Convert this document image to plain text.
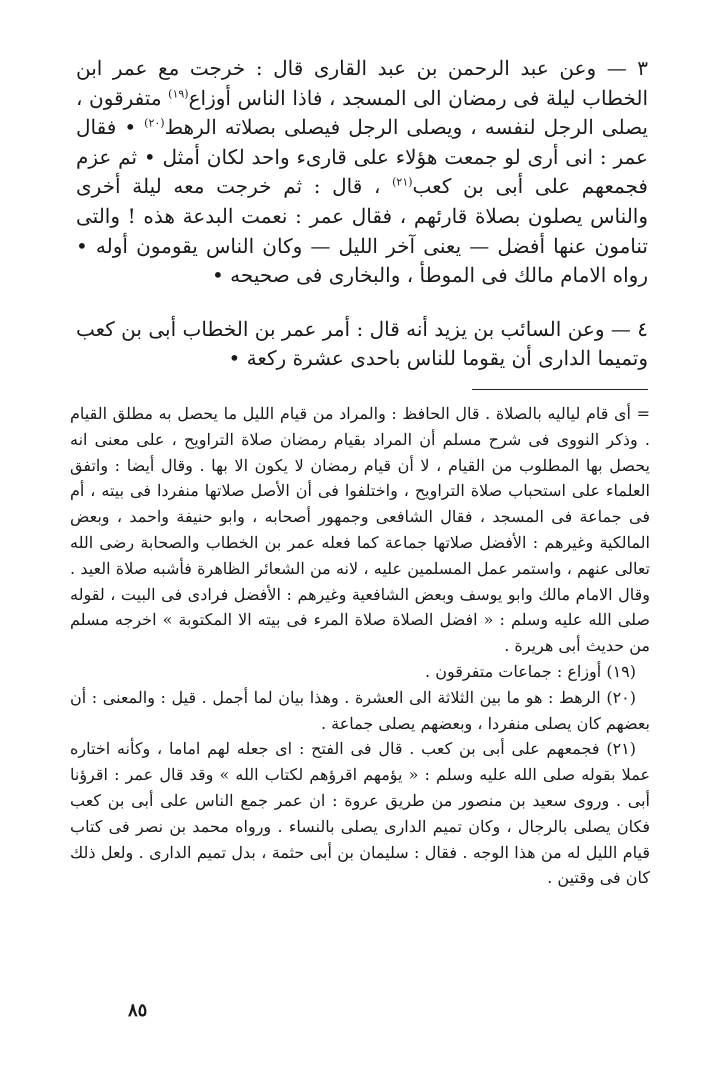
٣ — وعن عبد الرحمن بن عبد القارى قال : خرجت مع عمر ابن الخطاب ليلة فى رمضان الى المسجد ، فاذا الناس أوزاع$^{(١٩)}$ متفرقون ، يصلى الرجل لنفسه ، ويصلى الرجل فيصلى بصلاته الرهط$^{(٢٠)}$ • فقال عمر : انى أرى لو جمعت هؤلاء على قارىء واحد لكان أمثل • ثم عزم فجمعهم على أبى بن كعب$^{(٢١)}$ ، قال : ثم خرجت معه ليلة أخرى والناس يصلون بصلاة قارئهم ، فقال عمر : نعمت البدعة هذه ! والتى تنامون عنها أفضل — يعنى آخر الليل — وكان الناس يقومون أوله • رواه الامام مالك فى الموطأ ، والبخارى فى صحيحه •

٤ — وعن السائب بن يزيد أنه قال : أمر عمر بن الخطاب أبى بن كعب وتميما الدارى أن يقوما للناس باحدى عشرة ركعة •

= أى قام لياليه بالصلاة . قال الحافظ : والمراد من قيام الليل ما يحصل به مطلق القيام . وذكر النووى فى شرح مسلم أن المراد بقيام رمضان صلاة التراويح ، على معنى انه يحصل بها المطلوب من القيام ، لا أن قيام رمضان لا يكون الا بها . وقال أيضا : واتفق العلماء على استحباب صلاة التراويح ، واختلفوا فى أن الأصل صلاتها منفردا فى بيته ، أم فى جماعة فى المسجد ، فقال الشافعى وجمهور أصحابه ، وابو حنيفة واحمد ، وبعض المالكية وغيرهم : الأفضل صلاتها جماعة كما فعله عمر بن الخطاب والصحابة رضى الله تعالى عنهم ، واستمر عمل المسلمين عليه ، لانه من الشعائر الظاهرة فأشبه صلاة العيد . وقال الامام مالك وابو يوسف وبعض الشافعية وغيرهم : الأفضل فرادى فى البيت ، لقوله صلى الله عليه وسلم : « افضل الصلاة صلاة المرء فى بيته الا المكتوبة » اخرجه مسلم من حديث أبى هريرة .

(١٩) أوزاع : جماعات متفرقون .

(٢٠) الرهط : هو ما بين الثلاثة الى العشرة . وهذا بيان لما أجمل . قيل : والمعنى : أن بعضهم كان يصلى منفردا ، وبعضهم يصلى جماعة .

(٢١) فجمعهم على أبى بن كعب . قال فى الفتح : اى جعله لهم اماما ، وكأنه اختاره عملا بقوله صلى الله عليه وسلم : « يؤمهم اقرؤهم لكتاب الله » وقد قال عمر : اقرؤنا أبى . وروى سعيد بن منصور من طريق عروة : ان عمر جمع الناس على أبى بن كعب فكان يصلى بالرجال ، وكان تميم الدارى يصلى بالنساء . ورواه محمد بن نصر فى كتاب قيام الليل له من هذا الوجه . فقال : سليمان بن أبى حثمة ، بدل تميم الدارى . ولعل ذلك كان فى وقتين .

٨٥
